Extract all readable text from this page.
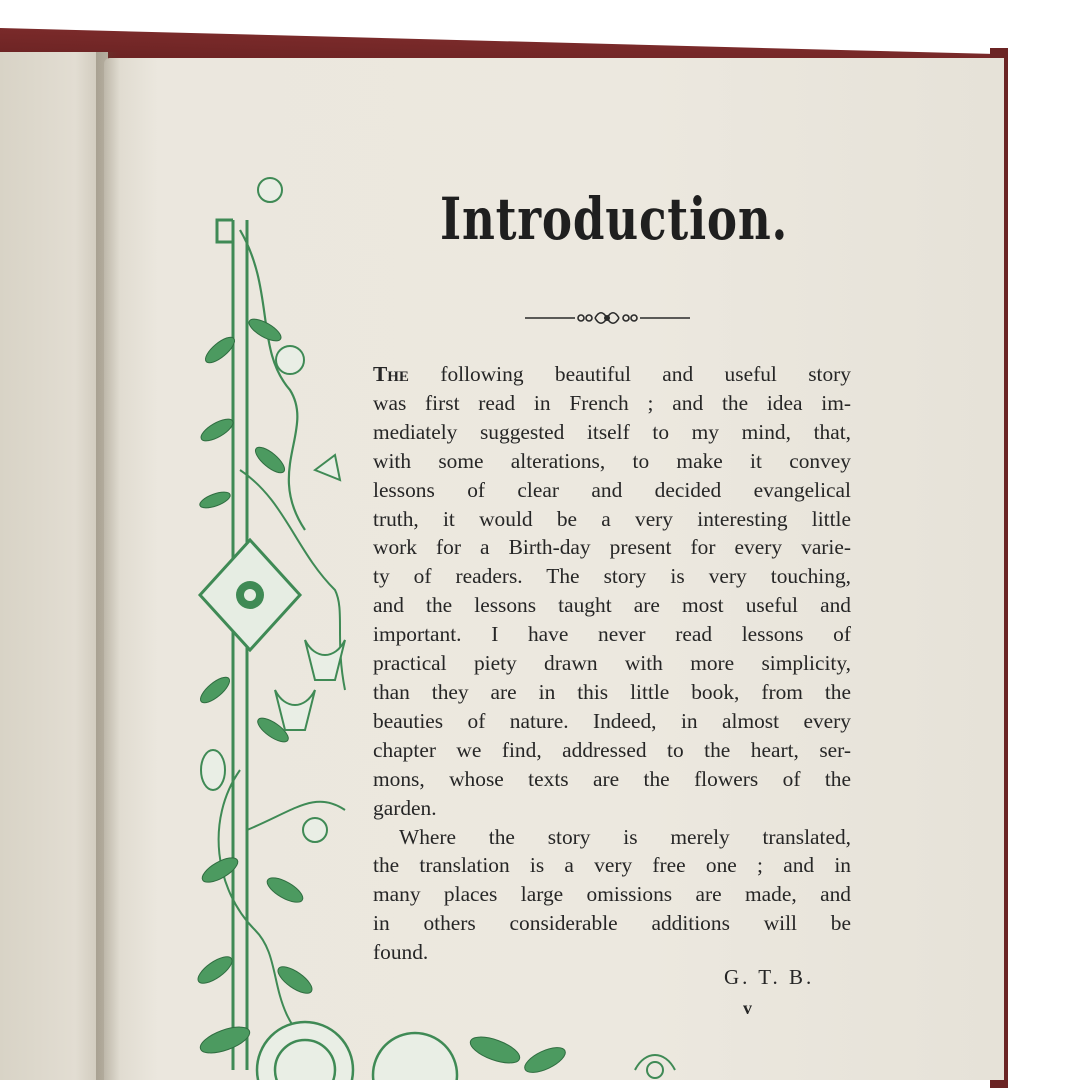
Introduction.
The following beautiful and useful story
was first read in French ; and the idea im-
mediately suggested itself to my mind, that,
with some alterations, to make it convey
lessons of clear and decided evangelical
truth, it would be a very interesting little
work for a Birth-day present for every varie-
ty of readers. The story is very touching,
and the lessons taught are most useful and
important. I have never read lessons of
practical piety drawn with more simplicity,
than they are in this little book, from the
beauties of nature. Indeed, in almost every
chapter we find, addressed to the heart, ser-
mons, whose texts are the flowers of the
garden.
Where the story is merely translated,
the translation is a very free one ; and in
many places large omissions are made, and
in others considerable additions will be
found.
G. T. B.
v
